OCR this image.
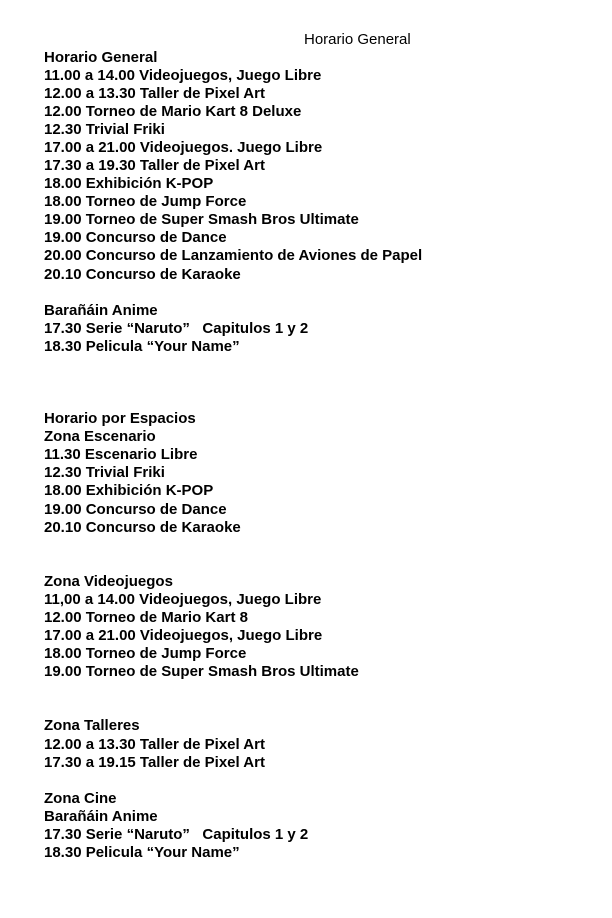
Horario General
Horario General
11.00 a 14.00 Videojuegos, Juego Libre
12.00 a 13.30 Taller de Pixel Art
12.00 Torneo de Mario Kart 8 Deluxe
12.30 Trivial Friki
17.00 a 21.00 Videojuegos. Juego Libre
17.30 a 19.30 Taller de Pixel Art
18.00 Exhibición K-POP
18.00 Torneo de Jump Force
19.00 Torneo de Super Smash Bros Ultimate
19.00 Concurso de Dance
20.00 Concurso de Lanzamiento de Aviones de Papel
20.10 Concurso de Karaoke
Barañáin Anime
17.30 Serie “Naruto”   Capitulos 1 y 2
18.30 Pelicula “Your Name”
Horario por Espacios
Zona Escenario
11.30 Escenario Libre
12.30 Trivial Friki
18.00 Exhibición K-POP
19.00 Concurso de Dance
20.10 Concurso de Karaoke
Zona Videojuegos
11,00 a 14.00 Videojuegos, Juego Libre
12.00 Torneo de Mario Kart 8
17.00 a 21.00 Videojuegos, Juego Libre
18.00 Torneo de Jump Force
19.00 Torneo de Super Smash Bros Ultimate
Zona Talleres
12.00 a 13.30 Taller de Pixel Art
17.30 a 19.15 Taller de Pixel Art
Zona Cine
Barañáin Anime
17.30 Serie “Naruto”   Capitulos 1 y 2
18.30 Pelicula “Your Name”
